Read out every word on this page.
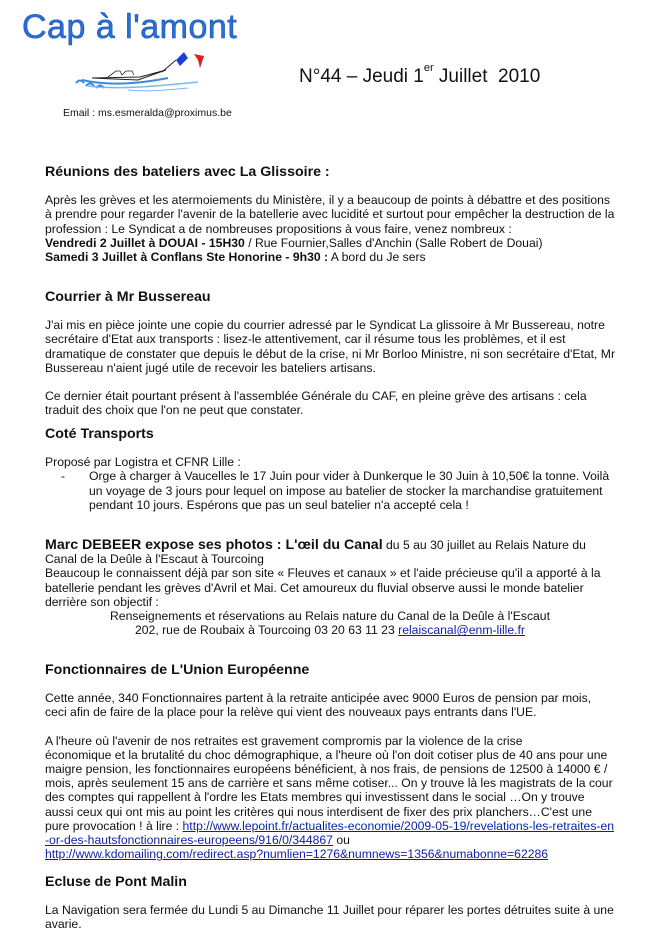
Cap à l'amont
N°44 – Jeudi 1er Juillet  2010
Email : ms.esmeralda@proximus.be
Réunions des bateliers avec La Glissoire :

Après les grèves et les atermoiements du Ministère, il y a beaucoup de points à débattre et des positions à prendre pour regarder l'avenir de la batellerie avec lucidité et surtout pour empêcher la destruction de la profession : Le Syndicat a de nombreuses propositions à vous faire, venez nombreux :

Vendredi 2 Juillet à DOUAI - 15H30 / Rue Fournier,Salles d'Anchin (Salle Robert de Douai)

Samedi 3 Juillet à Conflans Ste Honorine - 9h30 : A bord du Je sers

Courrier à Mr Bussereau

J'ai mis en pièce jointe une copie du courrier adressé par le Syndicat La glissoire à Mr Bussereau, notre secrétaire d'Etat aux transports : lisez-le attentivement, car il résume tous les problèmes, et il est dramatique de constater que depuis le début de la crise, ni Mr Borloo Ministre, ni son secrétaire d'Etat, Mr Bussereau n'aient jugé utile de recevoir les bateliers artisans.

Ce dernier était pourtant présent à l'assemblée Générale du CAF, en pleine grève des artisans : cela traduit des choix que l'on ne peut que constater.

Coté Transports

Proposé par Logistra et CFNR Lille :

-	Orge à charger à Vaucelles le 17 Juin pour vider à Dunkerque le 30 Juin à 10,50€ la tonne. Voilà un voyage de 3 jours pour lequel on impose au batelier de stocker la marchandise gratuitement pendant 10 jours. Espérons que pas un seul batelier n'a accepté cela !

Marc DEBEER expose ses photos : L'œil du Canal du 5 au 30 juillet au Relais Nature du Canal de la Deûle à l'Escaut à Tourcoing

Beaucoup le connaissent déjà par son site « Fleuves et canaux » et l'aide précieuse qu'il a apporté à la batellerie pendant les grèves d'Avril et Mai. Cet amoureux du fluvial observe aussi le monde batelier derrière son objectif :

Renseignements et réservations au Relais nature du Canal de la Deûle à l'Escaut

202, rue de Roubaix à Tourcoing 03 20 63 11 23 relaiscanal@enm-lille.fr

Fonctionnaires de L'Union Européenne

Cette année, 340 Fonctionnaires partent à la retraite anticipée avec 9000 Euros de pension par mois, ceci afin de faire de la place pour la relève qui vient des nouveaux pays entrants dans l'UE.

A l'heure où l'avenir de nos retraites est gravement compromis par la violence de la crise
économique et la brutalité du choc démographique, a l'heure où l'on doit cotiser plus de 40 ans pour une maigre pension, les fonctionnaires européens bénéficient, à nos frais, de pensions de 12500 à 14000 € / mois, après seulement 15 ans de carrière et sans même cotiser... On y trouve là les magistrats de la cour des comptes qui rappellent à l'ordre les Etats membres qui investissent dans le social …On y trouve aussi ceux qui ont mis au point les critères qui nous interdisent de fixer des prix planchers…C'est une pure provocation ! à lire : http://www.lepoint.fr/actualites-economie/2009-05-19/revelations-les-retraites-en-or-des-hautsfonctionnaires-europeens/916/0/344867 ou
http://www.kdomailing.com/redirect.asp?numlien=1276&numnews=1356&numabonne=62286

Ecluse de Pont Malin

La Navigation sera fermée du Lundi 5 au Dimanche 11 Juillet pour réparer les portes détruites suite à une avarie.
